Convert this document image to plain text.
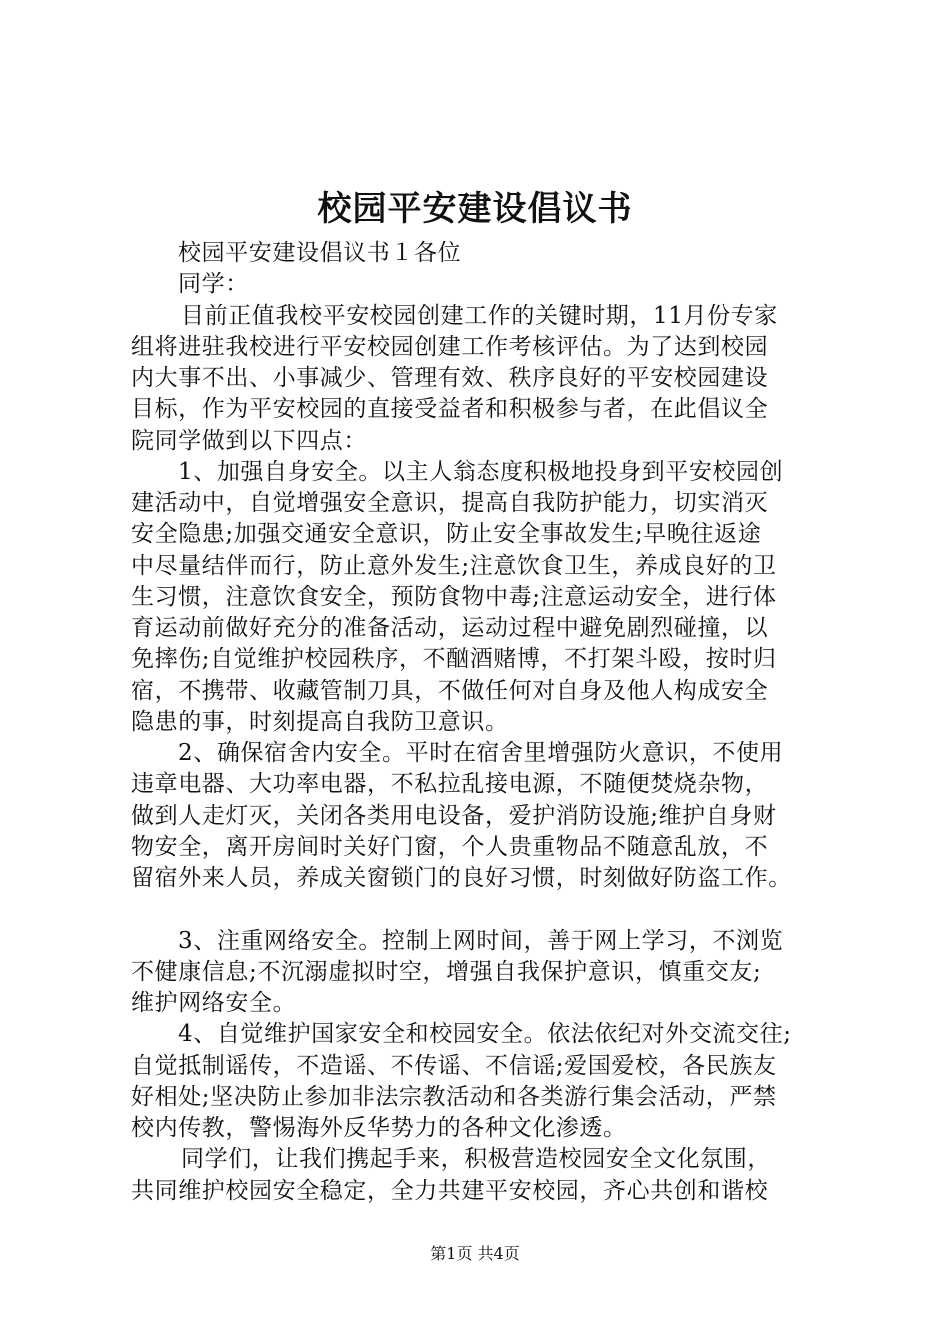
校园平安建设倡议书
校园平安建设倡议书１各位
同学：
目前正值我校平安校园创建工作的关键时期，11月份专家
组将进驻我校进行平安校园创建工作考核评估。为了达到校园
内大事不出、小事减少、管理有效、秩序良好的平安校园建设
目标，作为平安校园的直接受益者和积极参与者，在此倡议全
院同学做到以下四点：
1、加强自身安全。以主人翁态度积极地投身到平安校园创
建活动中，自觉增强安全意识，提高自我防护能力，切实消灭
安全隐患;加强交通安全意识，防止安全事故发生;早晚往返途
中尽量结伴而行，防止意外发生;注意饮食卫生，养成良好的卫
生习惯，注意饮食安全，预防食物中毒;注意运动安全，进行体
育运动前做好充分的准备活动，运动过程中避免剧烈碰撞，以
免摔伤;自觉维护校园秩序，不酗酒赌博，不打架斗殴，按时归
宿，不携带、收藏管制刀具，不做任何对自身及他人构成安全
隐患的事，时刻提高自我防卫意识。
2、确保宿舍内安全。平时在宿舍里增强防火意识，不使用
违章电器、大功率电器，不私拉乱接电源，不随便焚烧杂物，
做到人走灯灭，关闭各类用电设备，爱护消防设施;维护自身财
物安全，离开房间时关好门窗，个人贵重物品不随意乱放，不
留宿外来人员，养成关窗锁门的良好习惯，时刻做好防盗工作。
3、注重网络安全。控制上网时间，善于网上学习，不浏览
不健康信息;不沉溺虚拟时空，增强自我保护意识，慎重交友;
维护网络安全。
4、自觉维护国家安全和校园安全。依法依纪对外交流交往;
自觉抵制谣传，不造谣、不传谣、不信谣;爱国爱校，各民族友
好相处;坚决防止参加非法宗教活动和各类游行集会活动，严禁
校内传教，警惕海外反华势力的各种文化渗透。
同学们，让我们携起手来，积极营造校园安全文化氛围，
共同维护校园安全稳定，全力共建平安校园，齐心共创和谐校
第1页 共4页
